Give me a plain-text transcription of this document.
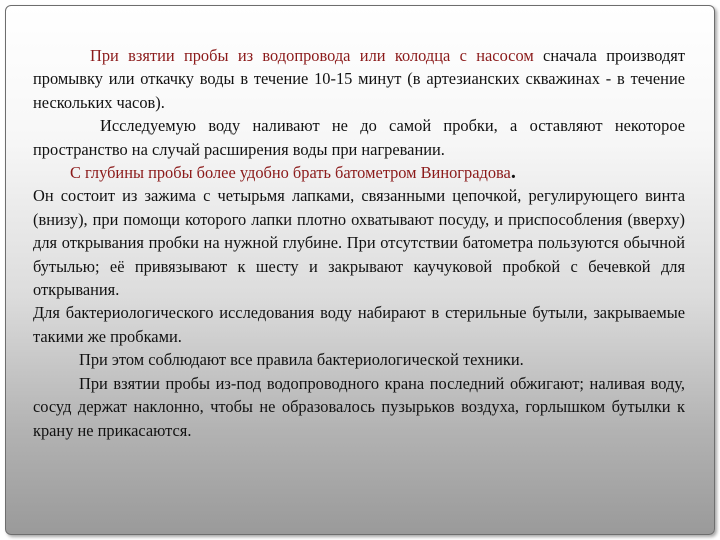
При взятии пробы из водопровода или колодца с насосом сначала производят промывку или откачку воды в течение 10-15 минут (в артезианских скважинах - в течение нескольких часов).

Исследуемую воду наливают не до самой пробки, а оставляют некоторое пространство на случай расширения воды при нагревании.

С глубины пробы более удобно брать батометром Виноградова.

Он состоит из зажима с четырьмя лапками, связанными цепочкой, регулирующего винта (внизу), при помощи которого лапки плотно охватывают посуду, и приспособления (вверху) для открывания пробки на нужной глубине. При отсутствии батометра пользуются обычной бутылью; её привязывают к шесту и закрывают каучуковой пробкой с бечевкой для открывания.

Для бактериологического исследования воду набирают в стерильные бутыли, закрываемые такими же пробками.

При этом соблюдают все правила бактериологической техники.

При взятии пробы из-под водопроводного крана последний обжигают; наливая воду, сосуд держат наклонно, чтобы не образовалось пузырьков воздуха, горлышком бутылки к крану не прикасаются.
